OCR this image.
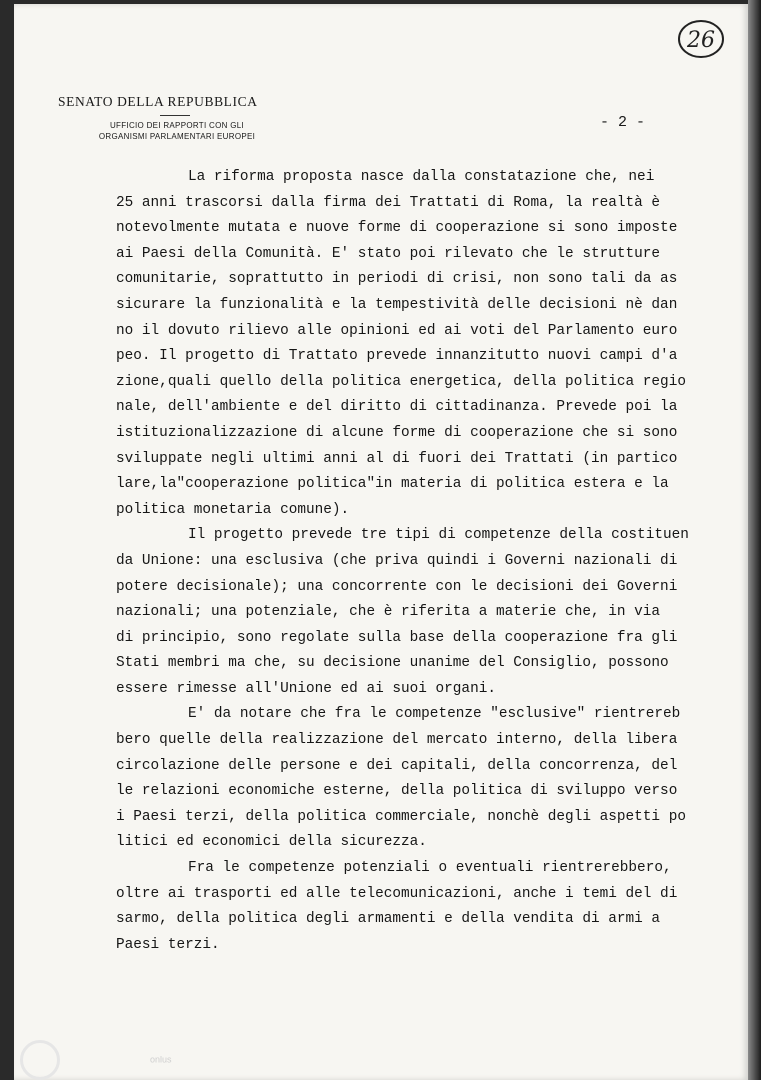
26
SENATO DELLA REPUBBLICA
UFFICIO DEI RAPPORTI CON GLI
ORGANISMI PARLAMENTARI EUROPEI
- 2 -
La riforma proposta nasce dalla constatazione che, nei
25 anni trascorsi dalla firma dei Trattati di Roma, la realtà è
notevolmente mutata e nuove forme di cooperazione si sono imposte
ai Paesi della Comunità. E' stato poi rilevato che le strutture
comunitarie, soprattutto in periodi di crisi, non sono tali da as
sicurare la funzionalità e la tempestività delle decisioni nè dan
no il dovuto rilievo alle opinioni ed ai voti del Parlamento euro
peo. Il progetto di Trattato prevede innanzitutto nuovi campi d'a
zione,quali quello della politica energetica, della politica regio
nale, dell'ambiente e del diritto di cittadinanza. Prevede poi la
istituzionalizzazione di alcune forme di cooperazione che si sono
sviluppate negli ultimi anni al di fuori dei Trattati (in partico
lare,la"cooperazione politica"in materia di politica estera e la
politica monetaria comune).
Il progetto prevede tre tipi di competenze della costituen
da Unione: una esclusiva (che priva quindi i Governi nazionali di
potere decisionale); una concorrente con le decisioni dei Governi
nazionali; una potenziale, che è riferita a materie che, in via
di principio, sono regolate sulla base della cooperazione fra gli
Stati membri ma che, su decisione unanime del Consiglio, possono
essere rimesse all'Unione ed ai suoi organi.
E' da notare che fra le competenze "esclusive" rientrereb
bero quelle della realizzazione del mercato interno, della libera
circolazione delle persone e dei capitali, della concorrenza, del
le relazioni economiche esterne, della politica di sviluppo verso
i Paesi terzi, della politica commerciale, nonchè degli aspetti po
litici ed economici della sicurezza.
Fra le competenze potenziali o eventuali rientrerebbero,
oltre ai trasporti ed alle telecomunicazioni, anche i temi del di
sarmo, della politica degli armamenti e della vendita di armi a
Paesi terzi.
onlus
